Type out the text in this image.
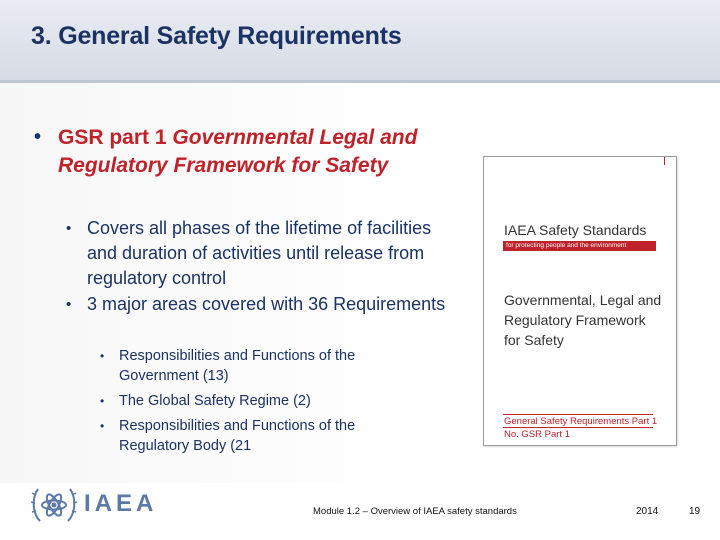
3. General Safety Requirements
• GSR part 1 Governmental Legal and Regulatory Framework for Safety
• Covers all phases of the lifetime of facilities and duration of activities until release from regulatory control
• 3 major areas covered with 36 Requirements
•	Responsibilities and Functions of the Government (13)
•	The Global Safety Regime (2)
•	Responsibilities and Functions of the Regulatory Body (21
IAEA Safety Standards
for protecting people and the environment
Governmental, Legal and Regulatory Framework for Safety
General Safety Requirements Part 1
No. GSR Part 1
IAEA	Module 1.2 – Overview of IAEA safety standards	2014	19
